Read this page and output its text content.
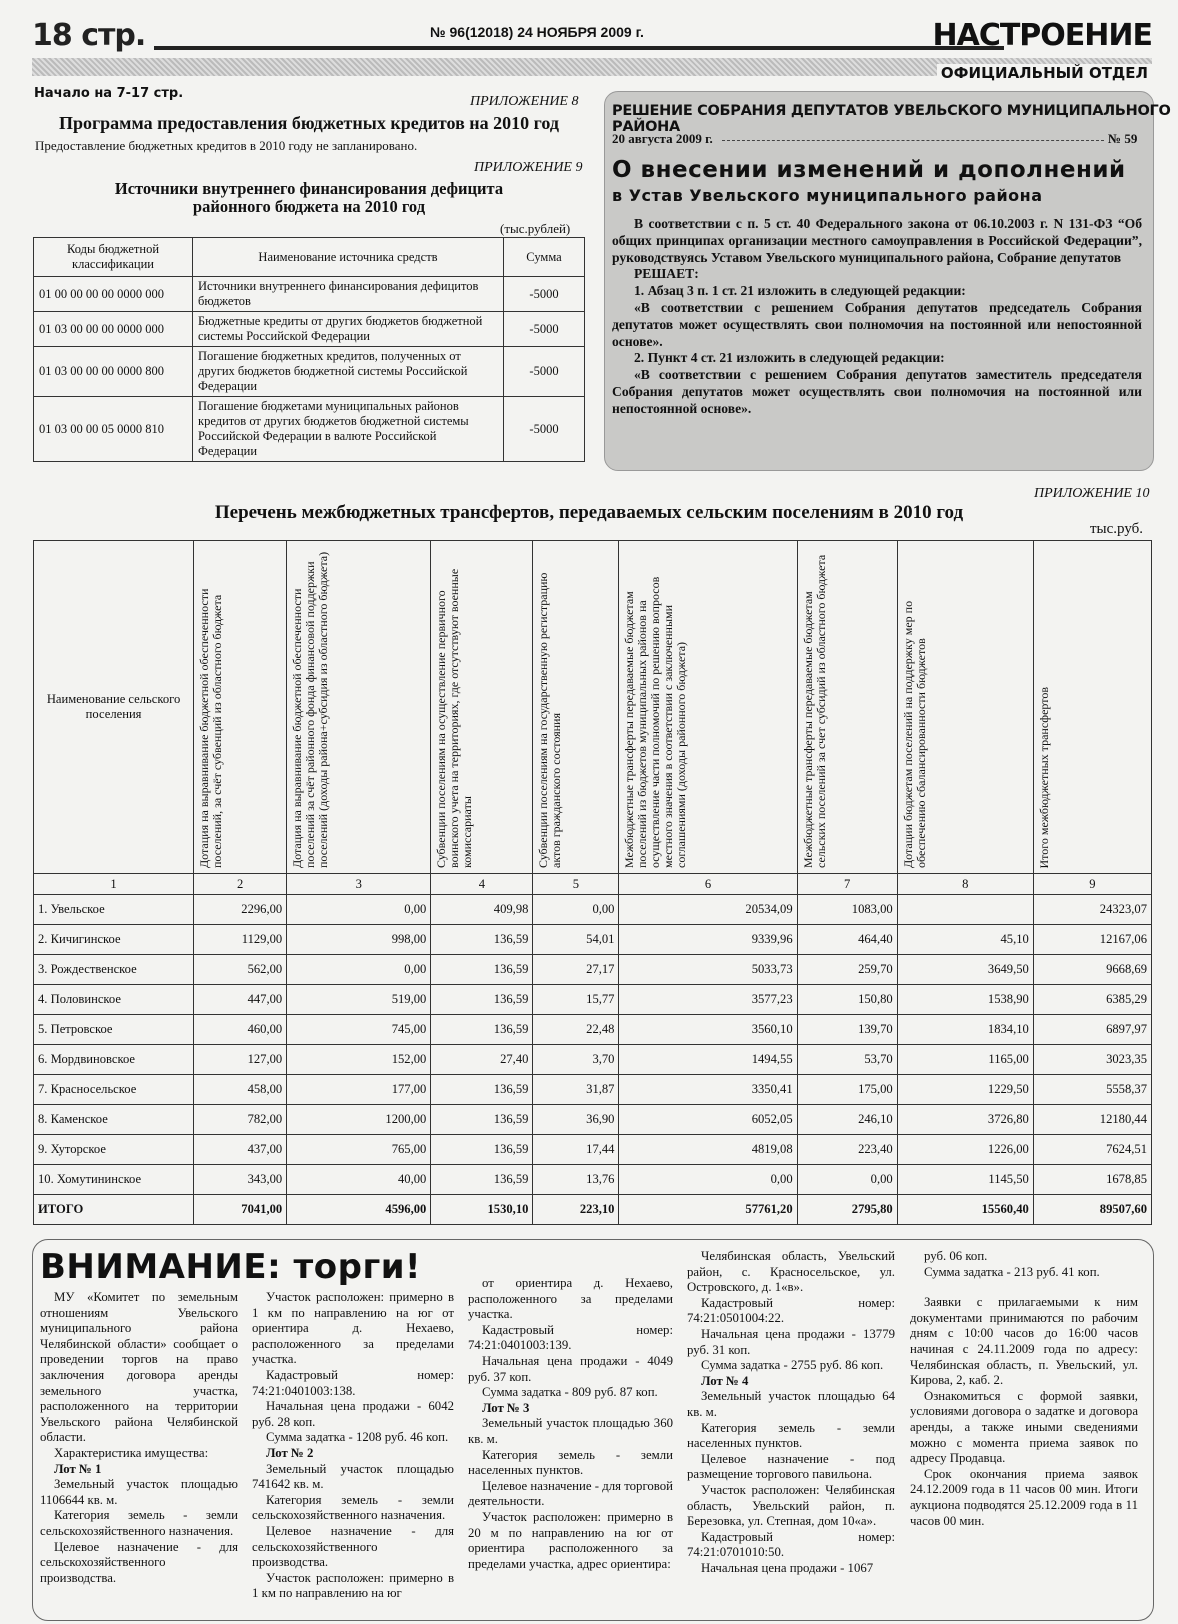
18 стр.	№ 96(12018) 24 НОЯБРЯ 2009 г.	НАСТРОЕНИЕ
ОФИЦИАЛЬНЫЙ ОТДЕЛ
Начало на 7-17 стр.
ПРИЛОЖЕНИЕ 8
Программа предоставления бюджетных кредитов на 2010 год
Предоставление бюджетных кредитов в 2010 году не запланировано.
ПРИЛОЖЕНИЕ 9
Источники внутреннего финансирования дефицита
районного бюджета на 2010 год
(тыс.рублей)
Коды бюджетной классификации	Наименование источника средств	Сумма
01 00 00 00 00 0000 000	Источники внутреннего финансирования дефицитов бюджетов	-5000
01 03 00 00 00 0000 000	Бюджетные кредиты от других бюджетов бюджетной системы Российской Федерации	-5000
01 03 00 00 00 0000 800	Погашение бюджетных кредитов, полученных от других бюджетов бюджетной системы Российской Федерации	-5000
01 03 00 00 05 0000 810	Погашение бюджетами муниципальных районов кредитов от других бюджетов бюджетной системы Российской Федерации в валюте Российской Федерации	-5000
РЕШЕНИЕ СОБРАНИЯ ДЕПУТАТОВ УВЕЛЬСКОГО МУНИЦИПАЛЬНОГО РАЙОНА
20 августа 2009 г.	№ 59
О внесении изменений и дополнений
в Устав Увельского муниципального района

В соответствии с п. 5 ст. 40 Федерального закона от 06.10.2003 г. N 131-ФЗ “Об общих принципах организации местного самоуправления в Российской Федерации”, руководствуясь Уставом Увельского муниципального района, Собрание депутатов

РЕШАЕТ:

1. Абзац 3 п. 1 ст. 21 изложить в следующей редакции:

«В соответствии с решением Собрания депутатов председатель Собрания депутатов может осуществлять свои полномочия на постоянной или непостоянной основе».

2. Пункт 4 ст. 21 изложить в следующей редакции:

«В соответствии с решением Собрания депутатов заместитель председателя Собрания депутатов может осуществлять свои полномочия на постоянной или непостоянной основе».

ПРИЛОЖЕНИЕ 10
Перечень межбюджетных трансфертов, передаваемых сельским поселениям в 2010 год
тыс.руб.
Наименование сельского поселения	Дотация на выравнивание бюджетной обеспеченности поселений, за счёт субвенций из областного бюджета	Дотация на выравнивание бюджетной обеспеченности поселений за счёт районного фонда финансовой поддержки поселений (доходы района+субсидия из областного бюджета)	Субвенции поселениям на осуществление первичного воинского учета на территориях, где отсутствуют военные комиссариаты	Субвенции поселениям на государственную регистрацию актов гражданского состояния	Межбюджетные трансферты передаваемые бюджетам поселений из бюджетов муниципальных районов на осуществление части полномочий по решению вопросов местного значения в соответствии с заключенными соглашениями (доходы районного бюджета)	Межбюджетные трансферты передаваемые бюджетам сельских поселений за счет субсидий из областного бюджета	Дотации бюджетам поселений на поддержку мер по обеспечению сбалансированности бюджетов	Итого межбюджетных трансфертов
1	2	3	4	5	6	7	8	9
1. Увельское	2296,00	0,00	409,98	0,00	20534,09	1083,00		24323,07
2. Кичигинское	1129,00	998,00	136,59	54,01	9339,96	464,40	45,10	12167,06
3. Рождественское	562,00	0,00	136,59	27,17	5033,73	259,70	3649,50	9668,69
4. Половинское	447,00	519,00	136,59	15,77	3577,23	150,80	1538,90	6385,29
5. Петровское	460,00	745,00	136,59	22,48	3560,10	139,70	1834,10	6897,97
6. Мордвиновское	127,00	152,00	27,40	3,70	1494,55	53,70	1165,00	3023,35
7. Красносельское	458,00	177,00	136,59	31,87	3350,41	175,00	1229,50	5558,37
8. Каменское	782,00	1200,00	136,59	36,90	6052,05	246,10	3726,80	12180,44
9. Хуторское	437,00	765,00	136,59	17,44	4819,08	223,40	1226,00	7624,51
10. Хомутининское	343,00	40,00	136,59	13,76	0,00	0,00	1145,50	1678,85
ИТОГО	7041,00	4596,00	1530,10	223,10	57761,20	2795,80	15560,40	89507,60
ВНИМАНИЕ: торги!

МУ «Комитет по земельным отношениям Увельского муниципального района Челябинской области» сообщает о проведении торгов на право заключения договора аренды земельного участка, расположенного на территории Увельского района Челябинской области.

Характеристика имущества:

Лот № 1

Земельный участок площадью 1106644 кв. м.

Категория земель - земли сельскохозяйственного назначения.

Целевое назначение - для сельскохозяйственного производства.

Участок расположен: примерно в 1 км по направлению на юг от ориентира д. Нехаево, расположенного за пределами участка.

Кадастровый номер: 74:21:0401003:138.

Начальная цена продажи - 6042 руб. 28 коп.

Сумма задатка - 1208 руб. 46 коп.

Лот № 2

Земельный участок площадью 741642 кв. м.

Категория земель - земли сельскохозяйственного назначения.

Целевое назначение - для сельскохозяйственного производства.

Участок расположен: примерно в 1 км по направлению на юг

от ориентира д. Нехаево, расположенного за пределами участка.

Кадастровый номер: 74:21:0401003:139.

Начальная цена продажи - 4049 руб. 37 коп.

Сумма задатка - 809 руб. 87 коп.

Лот № 3

Земельный участок площадью 360 кв. м.

Категория земель - земли населенных пунктов.

Целевое назначение - для торговой деятельности.

Участок расположен: примерно в 20 м по направлению на юг от ориентира расположенного за пределами участка, адрес ориентира:

Челябинская область, Увельский район, с. Красносельское, ул. Островского, д. 1«в».

Кадастровый номер: 74:21:0501004:22.

Начальная цена продажи - 13779 руб. 31 коп.

Сумма задатка - 2755 руб. 86 коп.

Лот № 4

Земельный участок площадью 64 кв. м.

Категория земель - земли населенных пунктов.

Целевое назначение - под размещение торгового павильона.

Участок расположен: Челябинская область, Увельский район, п. Березовка, ул. Степная, дом 10«а».

Кадастровый номер: 74:21:0701010:50.

Начальная цена продажи - 1067

руб. 06 коп.

Сумма задатка - 213 руб. 41 коп.

Заявки с прилагаемыми к ним документами принимаются по рабочим дням с 10:00 часов до 16:00 часов начиная с 24.11.2009 года по адресу: Челябинская область, п. Увельский, ул. Кирова, 2, каб. 2.

Ознакомиться с формой заявки, условиями договора о задатке и договора аренды, а также иными сведениями можно с момента приема заявок по адресу Продавца.

Срок окончания приема заявок 24.12.2009 года в 11 часов 00 мин. Итоги аукциона подводятся 25.12.2009 года в 11 часов 00 мин.
